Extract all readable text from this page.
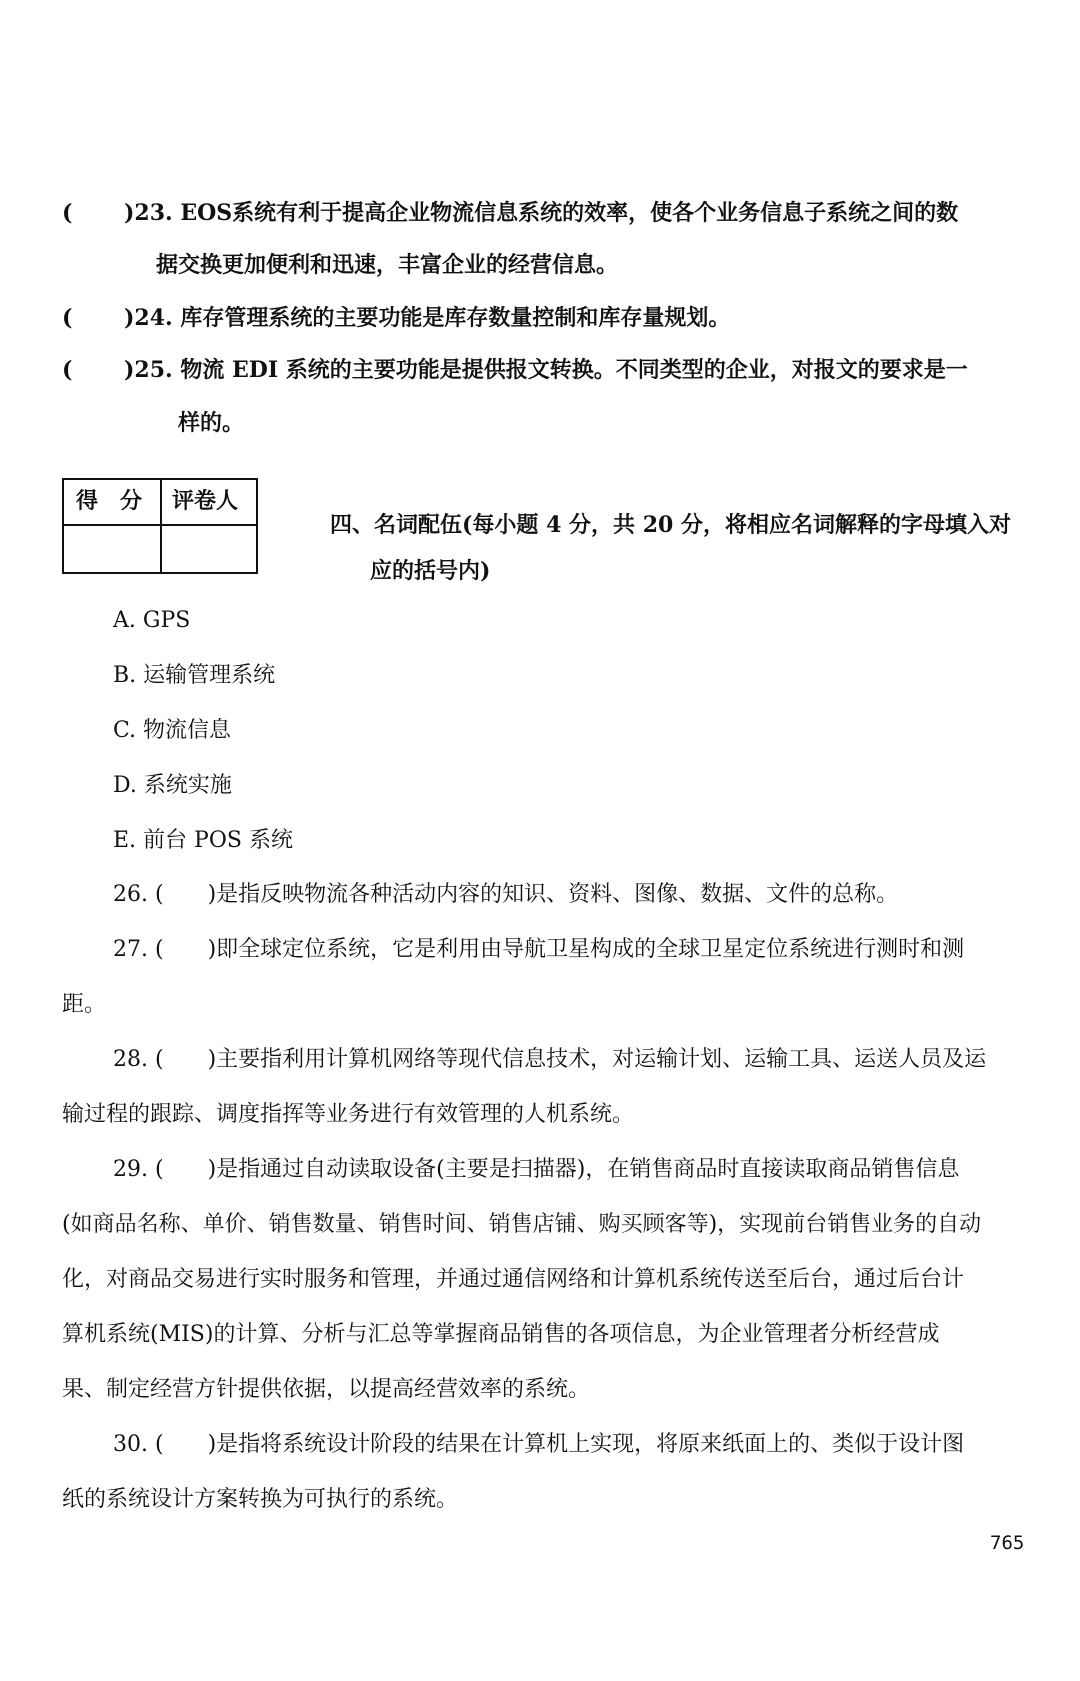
( )23. EOS系统有利于提高企业物流信息系统的效率，使各个业务信息子系统之间的数
据交换更加便利和迅速，丰富企业的经营信息。
( )24. 库存管理系统的主要功能是库存数量控制和库存量规划。
( )25. 物流 EDI 系统的主要功能是提供报文转换。不同类型的企业，对报文的要求是一
样的。
得　分 评卷人
四、名词配伍(每小题 4 分，共 20 分，将相应名词解释的字母填入对
应的括号内)
A. GPS
B. 运输管理系统
C. 物流信息
D. 系统实施
E. 前台 POS 系统
26. (　　)是指反映物流各种活动内容的知识、资料、图像、数据、文件的总称。
27. (　　)即全球定位系统，它是利用由导航卫星构成的全球卫星定位系统进行测时和测
距。
28. (　　)主要指利用计算机网络等现代信息技术，对运输计划、运输工具、运送人员及运
输过程的跟踪、调度指挥等业务进行有效管理的人机系统。
29. (　　)是指通过自动读取设备(主要是扫描器)，在销售商品时直接读取商品销售信息
(如商品名称、单价、销售数量、销售时间、销售店铺、购买顾客等)，实现前台销售业务的自动
化，对商品交易进行实时服务和管理，并通过通信网络和计算机系统传送至后台，通过后台计
算机系统(MIS)的计算、分析与汇总等掌握商品销售的各项信息，为企业管理者分析经营成
果、制定经营方针提供依据，以提高经营效率的系统。
30. (　　)是指将系统设计阶段的结果在计算机上实现，将原来纸面上的、类似于设计图
纸的系统设计方案转换为可执行的系统。
765
